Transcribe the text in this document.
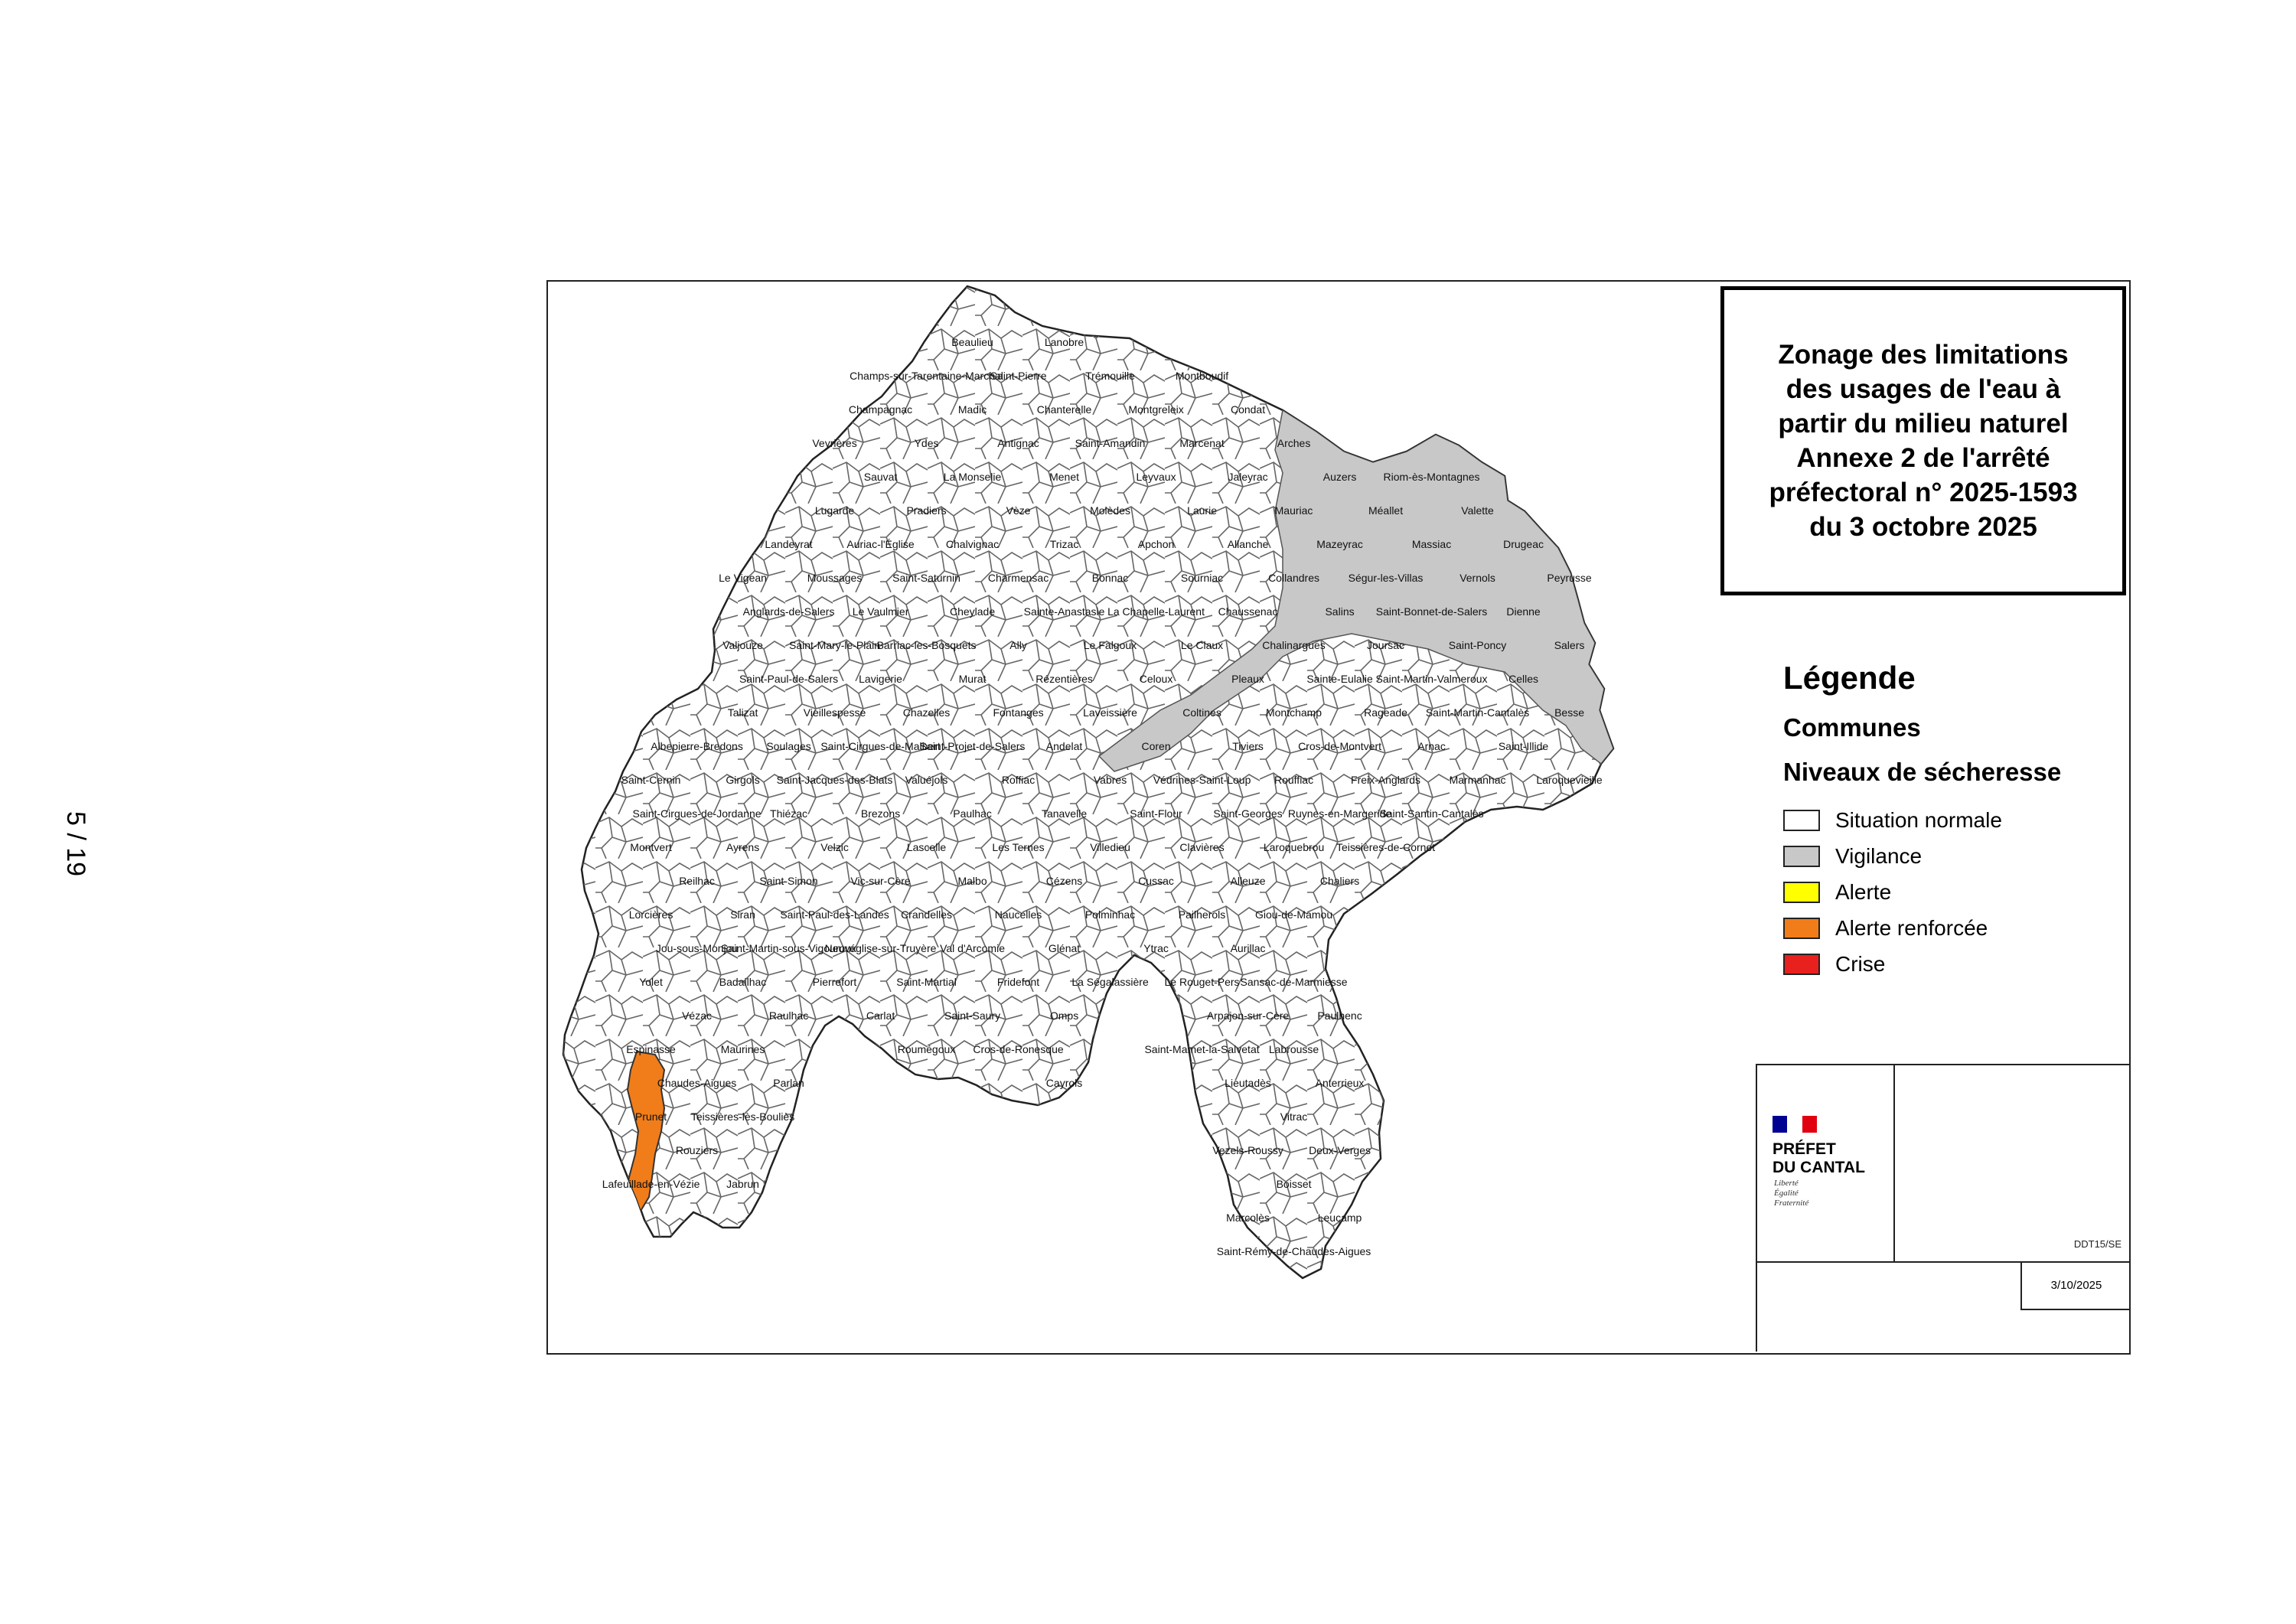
5 / 19
Beaulieu	Lanobre
Champs-sur-Tarentaine-Marchal
Saint-Pierre	Trémouille	Montboudif
Champagnac	Madic	Chanterelle	Montgreleix	Condat
Veyrières	Ydes	Antignac	Saint-Amandin	Marcenat	Arches
Sauvat	La Monselie	Menet	Leyvaux	Jaleyrac	Auzers	Riom-ès-Montagnes
Lugarde	Pradiers	Vèze	Molèdes	Laurie	Mauriac	Méallet	Valette
Landeyrat	Auriac-l'Église	Chalvignac	Trizac	Apchon	Allanche	Mazeyrac	Massiac	Drugeac
Le Vigean	Moussages	Saint-Saturnin	Charmensac	Bonnac	Sourniac	Collandres	Ségur-les-Villas	Vernols	Peyrusse
Anglards-de-Salers Le Vaulmier	Cheylade	Sainte-Anastasie La Chapelle-Laurent Chaussenac	Salins Saint-Bonnet-de-Salers Dienne
Valjouze Saint-Mary-le-Plain
Barriac-les-Bosquets	Ally	Le Falgoux	Le Claux	Chalinargues	Joursac	Saint-Poncy	Salers
Saint-Paul-de-Salers Lavigerie	Murat	Rézentières	Celoux	Pleaux	Sainte-Eulalie Saint-Martin-Valmeroux Celles
Talizat	Vieillespesse	Chazelles	Fontanges	Laveissière	Coltines	Montchamp	Rageade Saint-Martin-Cantalès Besse
Albepierre-Bredons Soulages Saint-Cirgues-de-Malbert
Saint-Projet-de-Salers Andelat	Coren	Tiviers	Cros-de-Montvert	Arnac	Saint-Illide
Saint-Cernin	Girgols Saint-Jacques-des-Blats Valuéjols	Roffiac	Vabres Védrines-Saint-Loup Rouffiac	Freix-Anglards	Marmanhac	Laroquevieille
Saint-Cirgues-de-Jordanne Thiézac	Brezons	Paulhac	Tanavelle	Saint-Flour	Saint-Georges Ruynes-en-Margeride
Saint-Santin-Cantalès
Montvert	Ayrens	Velzic	Lascelle	Les Ternes	Villedieu	Clavières	Laroquebrou Teissières-de-Cornet
Reilhac	Saint-Simon	Vic-sur-Cère	Malbo	Cézens	Cussac	Alleuze	Chaliers
Lorcières	Siran Saint-Paul-des-Landes Crandelles	Naucelles	Polminhac	Pailherols	Giou-de-Mamou
Jou-sous-Monjou
Saint-Martin-sous-Vigouroux
Neuvéglise-sur-Truyère Val d'Arcomie	Glénat	Ytrac	Aurillac
Yolet	Badailhac	Pierrefort	Saint-Martial	Fridefont	La Ségalassière Le Rouget-Pers Sansac-de-Marmiesse
Vézac	Raulhac	Carlat	Saint-Saury	Omps	Arpajon-sur-Cère	Paulhenc
Espinasse	Maurines	Roumégoux Cros-de-Ronesque	Saint-Mamet-la-Salvetat Labrousse
Chaudes-Aigues	Parlan	Cayrols	Lieutadès	Anterrieux
Prunet Teissières-lès-Bouliès	Vitrac
Rouziers	Vezels-Roussy Deux-Verges
Lafeuillade-en-Vézie Jabrun	Boisset
Marcolès	Leucamp
Saint-Rémy-de-Chaudes-Aigues

Zonage des limitations
des usages de l'eau à
partir du milieu naturel
Annexe 2 de l'arrêté
préfectoral n° 2025-1593
du 3 octobre 2025

Légende
Communes
Niveaux de sécheresse
Situation normale
Vigilance
Alerte
Alerte renforcée
Crise
PRÉFET
DU CANTAL
Liberté
Égalité
Fraternité
DDT15/SE
3/10/2025
